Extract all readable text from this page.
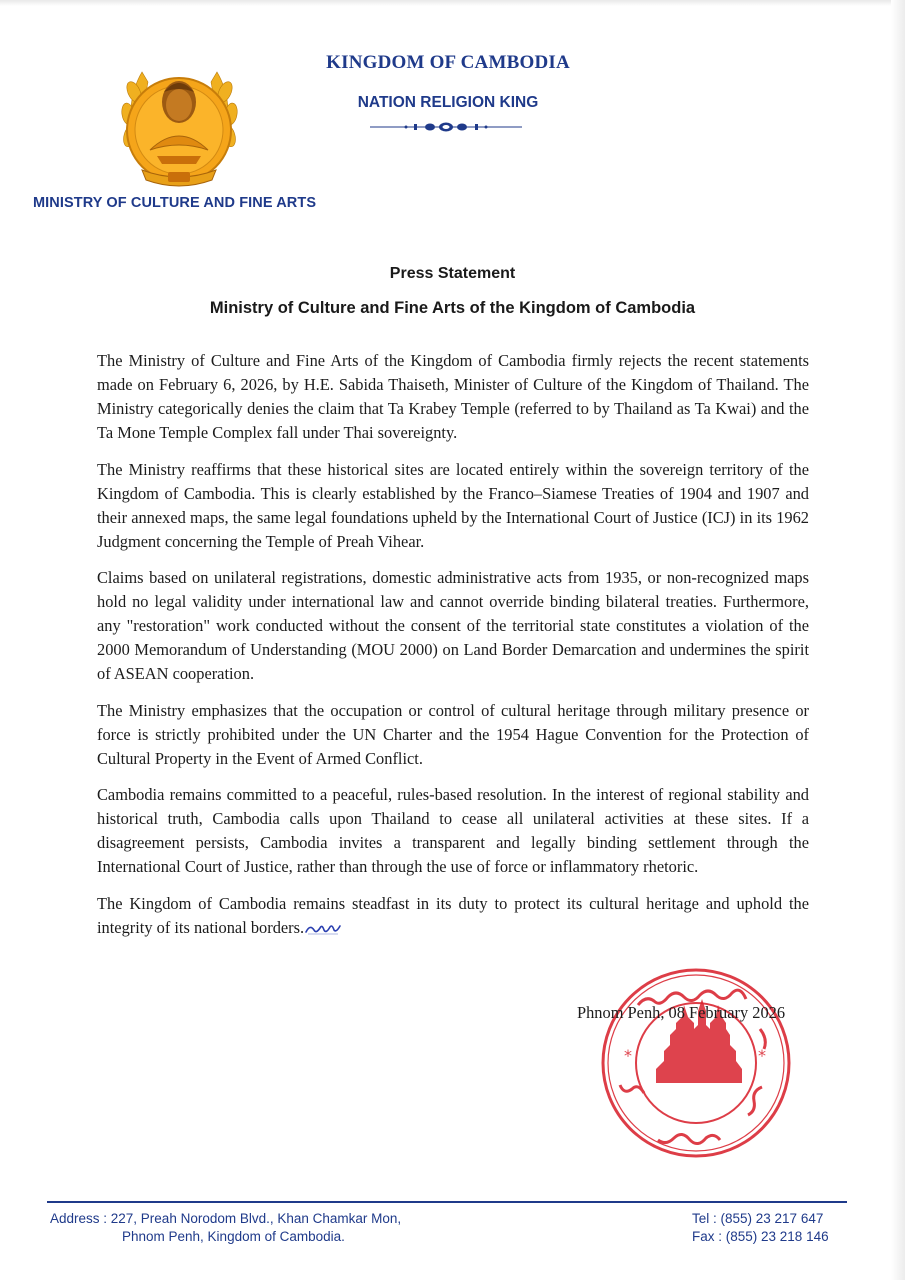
MINISTRY OF CULTURE AND FINE ARTS
KINGDOM OF CAMBODIA
NATION RELIGION KING
Press Statement
Ministry of Culture and Fine Arts of the Kingdom of Cambodia

The Ministry of Culture and Fine Arts of the Kingdom of Cambodia firmly rejects the recent statements made on February 6, 2026, by H.E. Sabida Thaiseth, Minister of Culture of the Kingdom of Thailand. The Ministry categorically denies the claim that Ta Krabey Temple (referred to by Thailand as Ta Kwai) and the Ta Mone Temple Complex fall under Thai sovereignty.

The Ministry reaffirms that these historical sites are located entirely within the sovereign territory of the Kingdom of Cambodia. This is clearly established by the Franco–Siamese Treaties of 1904 and 1907 and their annexed maps, the same legal foundations upheld by the International Court of Justice (ICJ) in its 1962 Judgment concerning the Temple of Preah Vihear.

Claims based on unilateral registrations, domestic administrative acts from 1935, or non-recognized maps hold no legal validity under international law and cannot override binding bilateral treaties. Furthermore, any "restoration" work conducted without the consent of the territorial state constitutes a violation of the 2000 Memorandum of Understanding (MOU 2000) on Land Border Demarcation and undermines the spirit of ASEAN cooperation.

The Ministry emphasizes that the occupation or control of cultural heritage through military presence or force is strictly prohibited under the UN Charter and the 1954 Hague Convention for the Protection of Cultural Property in the Event of Armed Conflict.

Cambodia remains committed to a peaceful, rules-based resolution. In the interest of regional stability and historical truth, Cambodia calls upon Thailand to cease all unilateral activities at these sites. If a disagreement persists, Cambodia invites a transparent and legally binding settlement through the International Court of Justice, rather than through the use of force or inflammatory rhetoric.

The Kingdom of Cambodia remains steadfast in its duty to protect its cultural heritage and uphold the integrity of its national borders.

*	*
Phnom Penh, 08 February 2026
Address : 227, Preah Norodom Blvd., Khan Chamkar Mon,
Phnom Penh, Kingdom of Cambodia.
Tel : (855) 23 217 647
Fax : (855) 23 218 146
